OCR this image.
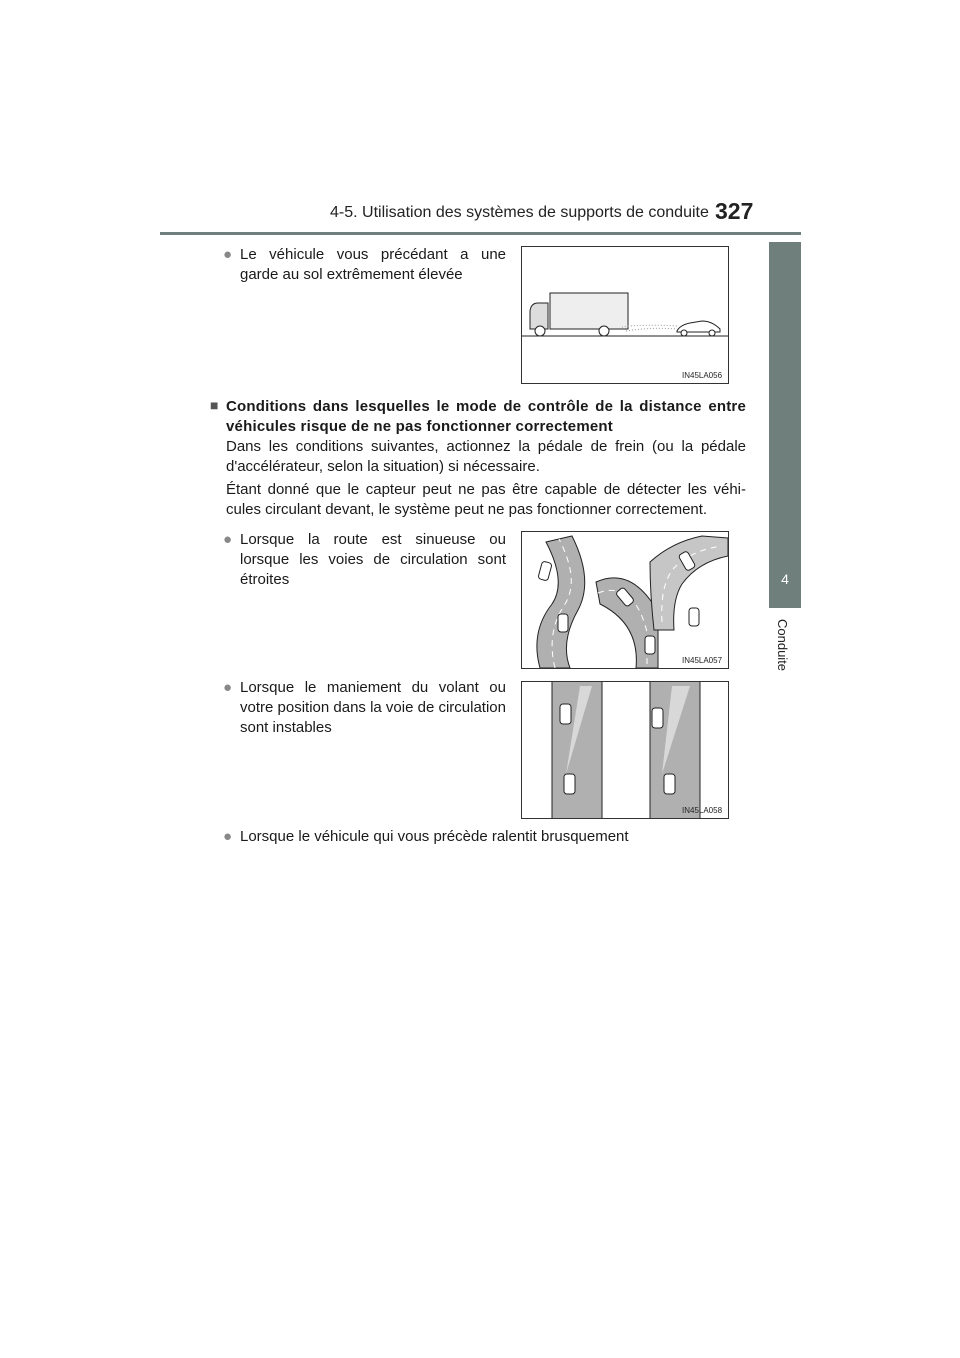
4-5. Utilisation des systèmes de supports de conduite 327
4
Conduite
● Le véhicule vous précédant a une garde au sol extrêmement élevée
IN45LA056
■ Conditions dans lesquelles le mode de contrôle de la distance entre véhicules risque de ne pas fonctionner correctement
Dans les conditions suivantes, actionnez la pédale de frein (ou la pédale d'accélérateur, selon la situation) si nécessaire.
Étant donné que le capteur peut ne pas être capable de détecter les véhi-cules circulant devant, le système peut ne pas fonctionner correctement.
● Lorsque la route est sinueuse ou lorsque les voies de circulation sont étroites
IN45LA057
● Lorsque le maniement du volant ou votre position dans la voie de circulation sont instables
IN45LA058
● Lorsque le véhicule qui vous précède ralentit brusquement
